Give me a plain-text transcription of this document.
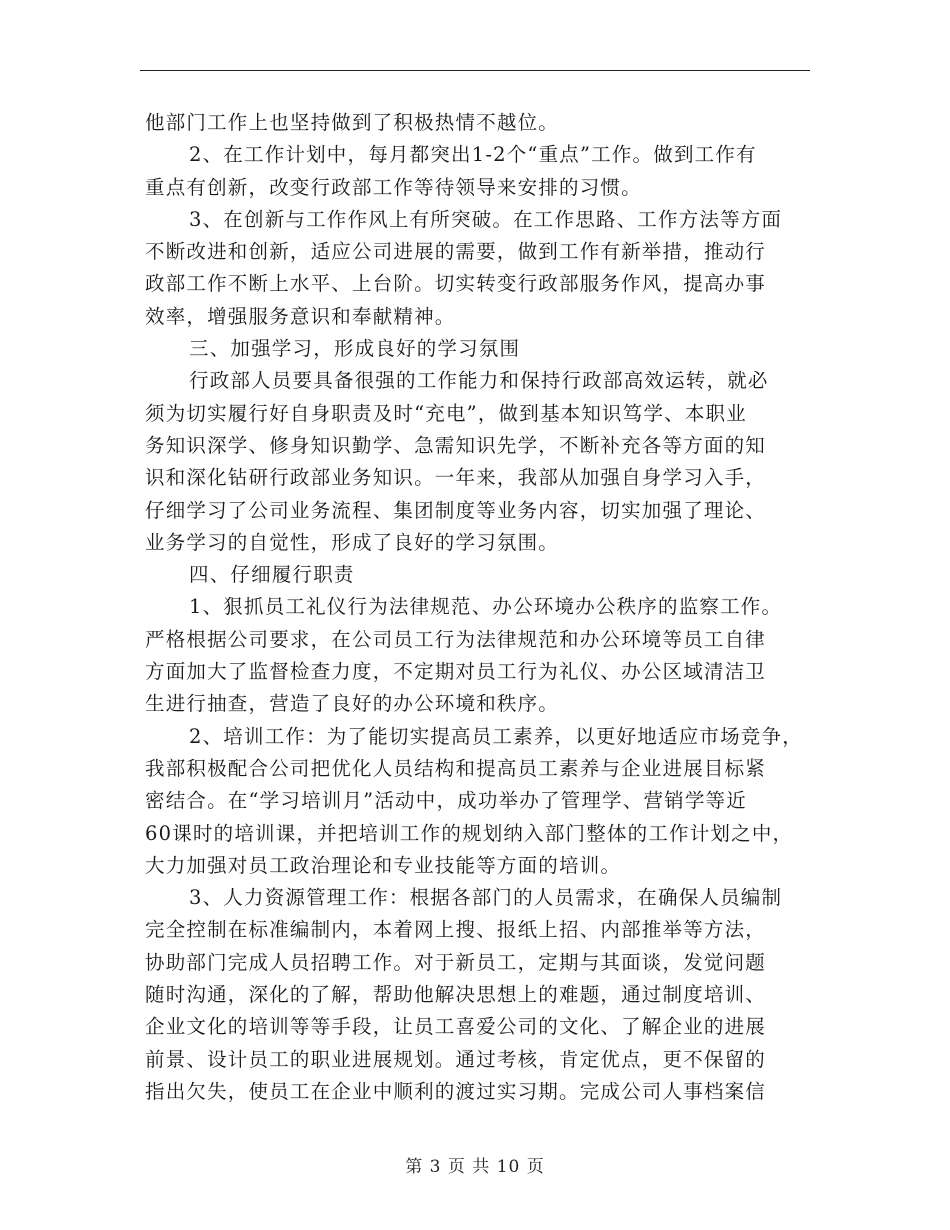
他部门工作上也坚持做到了积极热情不越位。
2、在工作计划中，每月都突出1-2个“重点”工作。做到工作有
重点有创新，改变行政部工作等待领导来安排的习惯。
3、在创新与工作作风上有所突破。在工作思路、工作方法等方面
不断改进和创新，适应公司进展的需要，做到工作有新举措，推动行
政部工作不断上水平、上台阶。切实转变行政部服务作风，提高办事
效率，增强服务意识和奉献精神。
三、加强学习，形成良好的学习氛围
行政部人员要具备很强的工作能力和保持行政部高效运转，就必
须为切实履行好自身职责及时“充电”，做到基本知识笃学、本职业
务知识深学、修身知识勤学、急需知识先学，不断补充各等方面的知
识和深化钻研行政部业务知识。一年来，我部从加强自身学习入手，
仔细学习了公司业务流程、集团制度等业务内容，切实加强了理论、
业务学习的自觉性，形成了良好的学习氛围。
四、仔细履行职责
1、狠抓员工礼仪行为法律规范、办公环境办公秩序的监察工作。
严格根据公司要求，在公司员工行为法律规范和办公环境等员工自律
方面加大了监督检查力度，不定期对员工行为礼仪、办公区域清洁卫
生进行抽查，营造了良好的办公环境和秩序。
2、培训工作：为了能切实提高员工素养，以更好地适应市场竞争，
我部积极配合公司把优化人员结构和提高员工素养与企业进展目标紧
密结合。在“学习培训月”活动中，成功举办了管理学、营销学等近
60课时的培训课，并把培训工作的规划纳入部门整体的工作计划之中，
大力加强对员工政治理论和专业技能等方面的培训。
3、人力资源管理工作：根据各部门的人员需求，在确保人员编制
完全控制在标准编制内，本着网上搜、报纸上招、内部推举等方法，
协助部门完成人员招聘工作。对于新员工，定期与其面谈，发觉问题
随时沟通，深化的了解，帮助他解决思想上的难题，通过制度培训、
企业文化的培训等等手段，让员工喜爱公司的文化、了解企业的进展
前景、设计员工的职业进展规划。通过考核，肯定优点，更不保留的
指出欠失，使员工在企业中顺利的渡过实习期。完成公司人事档案信
第 3 页 共 10 页
